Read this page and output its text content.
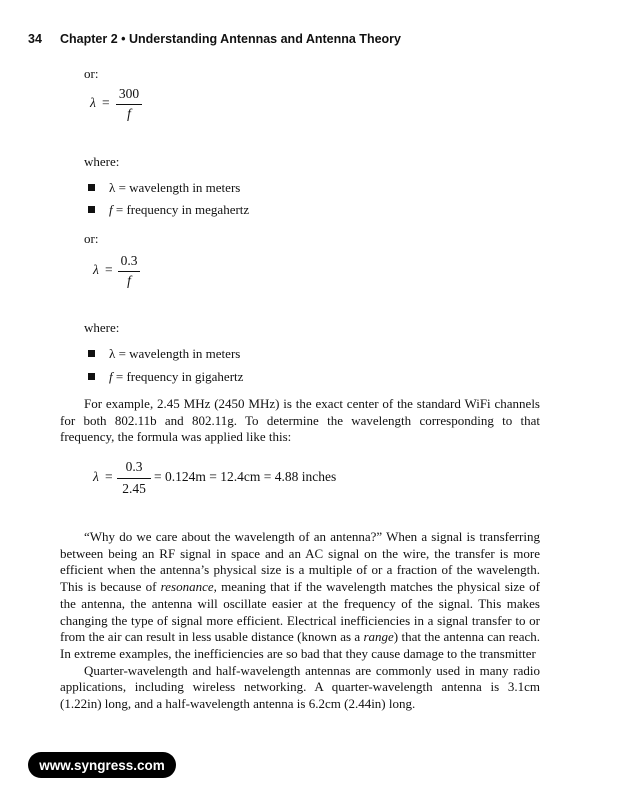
34 Chapter 2 • Understanding Antennas and Antenna Theory
or:
λ =
300
f
where:
λ = wavelength in meters
f = frequency in megahertz
or:
λ =
0.3
f
where:
λ = wavelength in meters
f = frequency in gigahertz

For example, 2.45 MHz (2450 MHz) is the exact center of the standard WiFi channels for both 802.11b and 802.11g. To determine the wavelength corresponding to that frequency, the formula was applied like this:

λ =
0.3
2.45
= 0.124m = 12.4cm = 4.88 inches

“Why do we care about the wavelength of an antenna?” When a signal is transferring between being an RF signal in space and an AC signal on the wire, the transfer is more efficient when the antenna’s physical size is a multiple of or a fraction of the wavelength. This is because of resonance, meaning that if the wavelength matches the physical size of the antenna, the antenna will oscillate easier at the frequency of the signal. This makes changing the type of signal more efficient. Electrical inefficiencies in a signal transfer to or from the air can result in less usable distance (known as a range) that the antenna can reach. In extreme examples, the inefficiencies are so bad that they cause damage to the transmitter

Quarter-wavelength and half-wavelength antennas are commonly used in many radio applications, including wireless networking. A quarter-wavelength antenna is 3.1cm (1.22in) long, and a half-wavelength antenna is 6.2cm (2.44in) long.

www.syngress.com
